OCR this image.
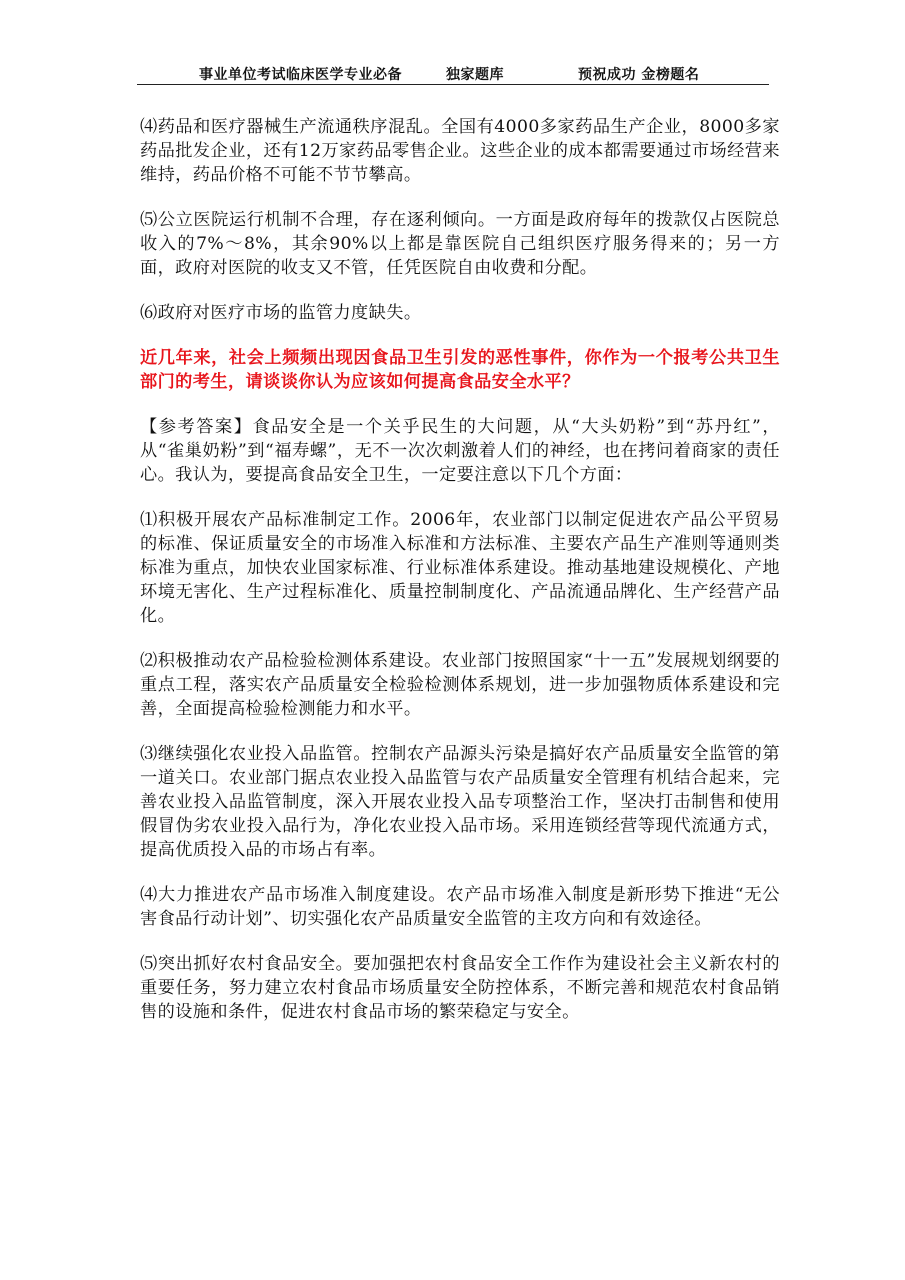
事业单位考试临床医学专业必备	独家题库	预祝成功 金榜题名

⑷药品和医疗器械生产流通秩序混乱。全国有4000多家药品生产企业，8000多家药品批发企业，还有12万家药品零售企业。这些企业的成本都需要通过市场经营来维持，药品价格不可能不节节攀高。

⑸公立医院运行机制不合理，存在逐利倾向。一方面是政府每年的拨款仅占医院总收入的7%～8%，其余90%以上都是靠医院自己组织医疗服务得来的；另一方面，政府对医院的收支又不管，任凭医院自由收费和分配。

⑹政府对医疗市场的监管力度缺失。

近几年来，社会上频频出现因食品卫生引发的恶性事件，你作为一个报考公共卫生部门的考生，请谈谈你认为应该如何提高食品安全水平？

【参考答案】食品安全是一个关乎民生的大问题，从“大头奶粉”到“苏丹红”，从“雀巢奶粉”到“福寿螺”，无不一次次刺激着人们的神经，也在拷问着商家的责任心。我认为，要提高食品安全卫生，一定要注意以下几个方面：

⑴积极开展农产品标准制定工作。2006年，农业部门以制定促进农产品公平贸易的标准、保证质量安全的市场准入标准和方法标准、主要农产品生产准则等通则类标准为重点，加快农业国家标准、行业标准体系建设。推动基地建设规模化、产地环境无害化、生产过程标准化、质量控制制度化、产品流通品牌化、生产经营产品化。

⑵积极推动农产品检验检测体系建设。农业部门按照国家“十一五”发展规划纲要的重点工程，落实农产品质量安全检验检测体系规划，进一步加强物质体系建设和完善，全面提高检验检测能力和水平。

⑶继续强化农业投入品监管。控制农产品源头污染是搞好农产品质量安全监管的第一道关口。农业部门据点农业投入品监管与农产品质量安全管理有机结合起来，完善农业投入品监管制度，深入开展农业投入品专项整治工作，坚决打击制售和使用假冒伪劣农业投入品行为，净化农业投入品市场。采用连锁经营等现代流通方式，提高优质投入品的市场占有率。

⑷大力推进农产品市场准入制度建设。农产品市场准入制度是新形势下推进“无公害食品行动计划”、切实强化农产品质量安全监管的主攻方向和有效途径。

⑸突出抓好农村食品安全。要加强把农村食品安全工作作为建设社会主义新农村的重要任务，努力建立农村食品市场质量安全防控体系，不断完善和规范农村食品销售的设施和条件，促进农村食品市场的繁荣稳定与安全。
